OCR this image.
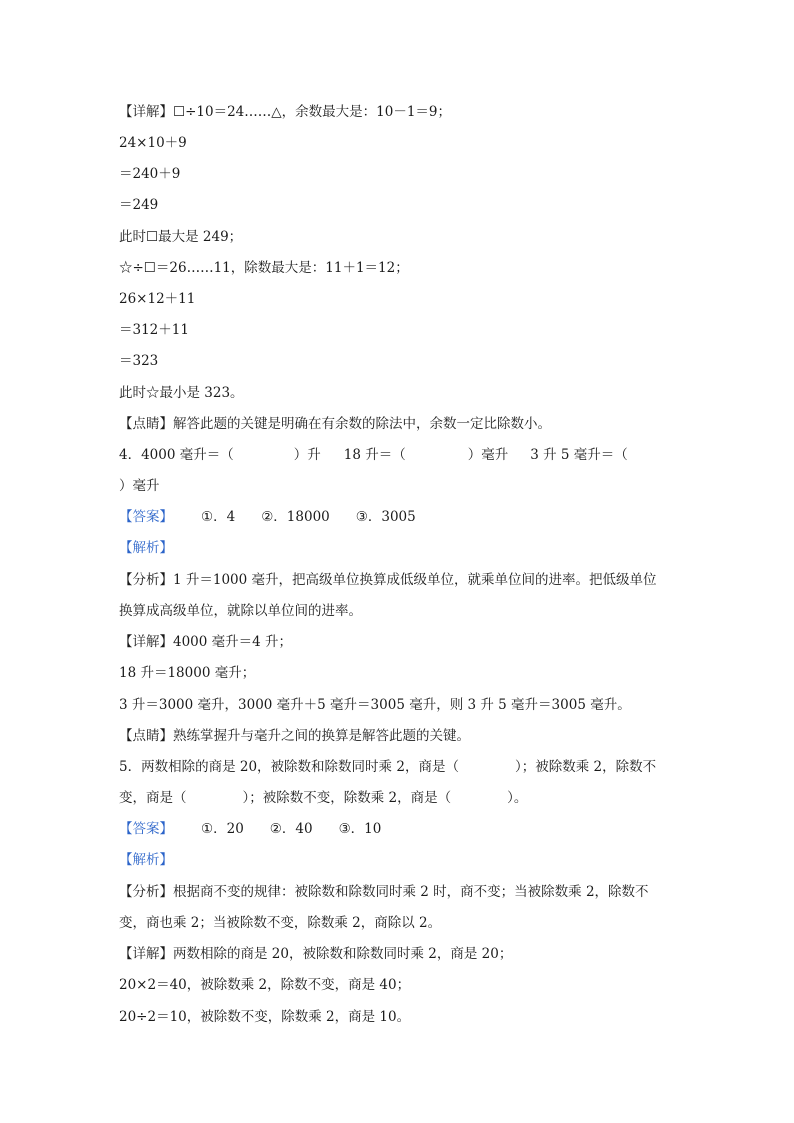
【详解】☐÷10＝24……△，余数最大是：10－1＝9；
24×10＋9
＝240＋9
＝249
此时☐最大是 249；
☆÷☐＝26……11，除数最大是：11＋1＝12；
26×12＋11
＝312＋11
＝323
此时☆最小是 323。
【点睛】解答此题的关键是明确在有余数的除法中，余数一定比除数小。
4．4000 毫升＝（	）升 18 升＝（	）毫升 3 升 5 毫升＝（
）毫升
【答案】 ①．4 ②．18000 ③．3005
【解析】
【分析】1 升＝1000 毫升，把高级单位换算成低级单位，就乘单位间的进率。把低级单位
换算成高级单位，就除以单位间的进率。
【详解】4000 毫升＝4 升；
18 升＝18000 毫升；
3 升＝3000 毫升，3000 毫升＋5 毫升＝3005 毫升，则 3 升 5 毫升＝3005 毫升。
【点睛】熟练掌握升与毫升之间的换算是解答此题的关键。
5．两数相除的商是 20，被除数和除数同时乘 2，商是（	）；被除数乘 2，除数不
变，商是（	）；被除数不变，除数乘 2，商是（	）。
【答案】 ①．20 ②．40 ③．10
【解析】
【分析】根据商不变的规律：被除数和除数同时乘 2 时，商不变；当被除数乘 2，除数不
变，商也乘 2；当被除数不变，除数乘 2，商除以 2。
【详解】两数相除的商是 20，被除数和除数同时乘 2，商是 20；
20×2＝40，被除数乘 2，除数不变，商是 40；
20÷2＝10，被除数不变，除数乘 2，商是 10。
